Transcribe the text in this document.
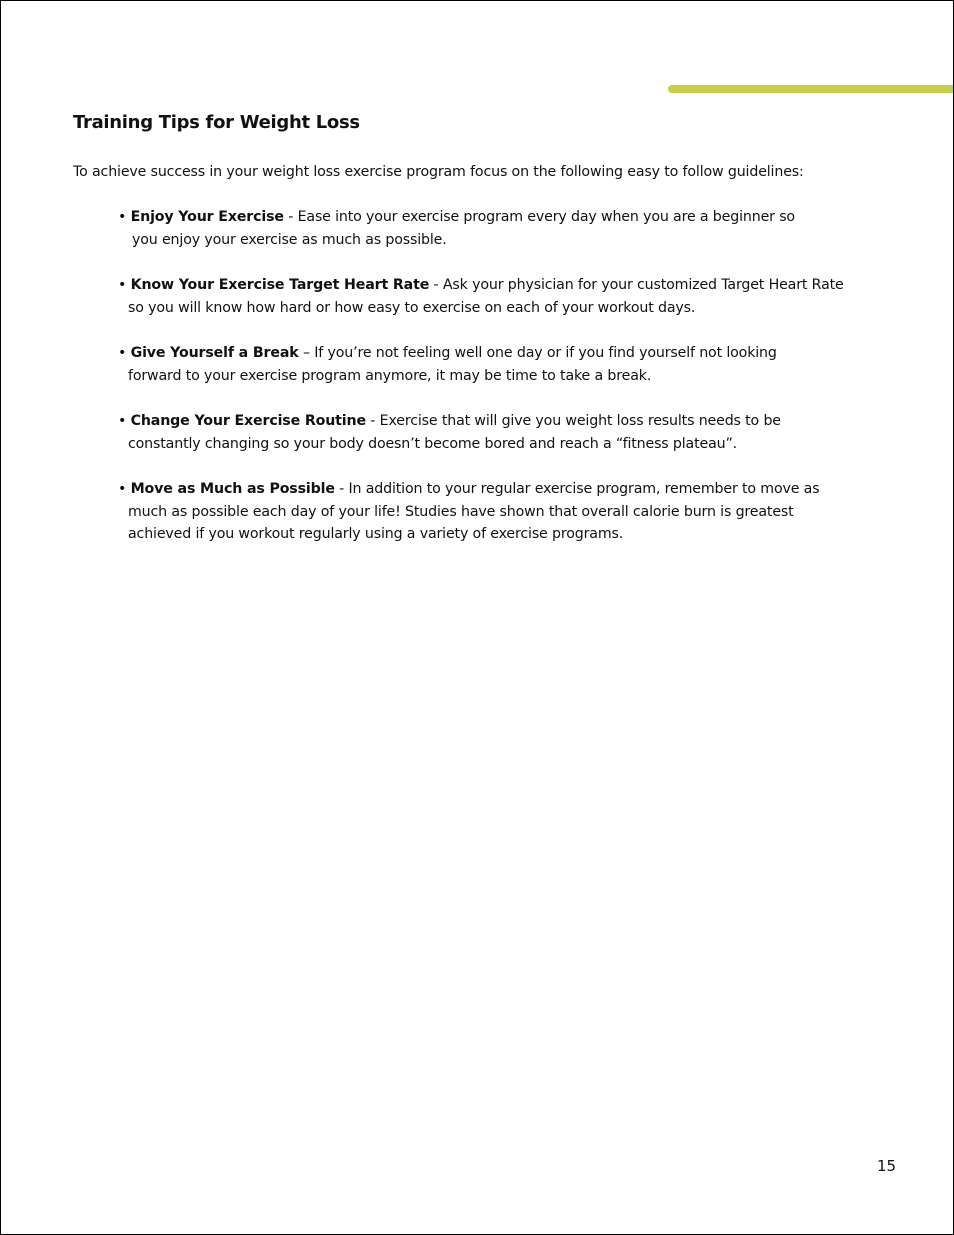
Training Tips for Weight Loss

To achieve success in your weight loss exercise program focus on the following easy to follow guidelines:

• Enjoy Your Exercise - Ease into your exercise program every day when you are a beginner so
you enjoy your exercise as much as possible.
• Know Your Exercise Target Heart Rate - Ask your physician for your customized Target Heart Rate
so you will know how hard or how easy to exercise on each of your workout days.
• Give Yourself a Break – If you’re not feeling well one day or if you find yourself not looking
forward to your exercise program anymore, it may be time to take a break.
• Change Your Exercise Routine - Exercise that will give you weight loss results needs to be
constantly changing so your body doesn’t become bored and reach a “fitness plateau”.
• Move as Much as Possible - In addition to your regular exercise program, remember to move as
much as possible each day of your life! Studies have shown that overall calorie burn is greatest
achieved if you workout regularly using a variety of exercise programs.
15
